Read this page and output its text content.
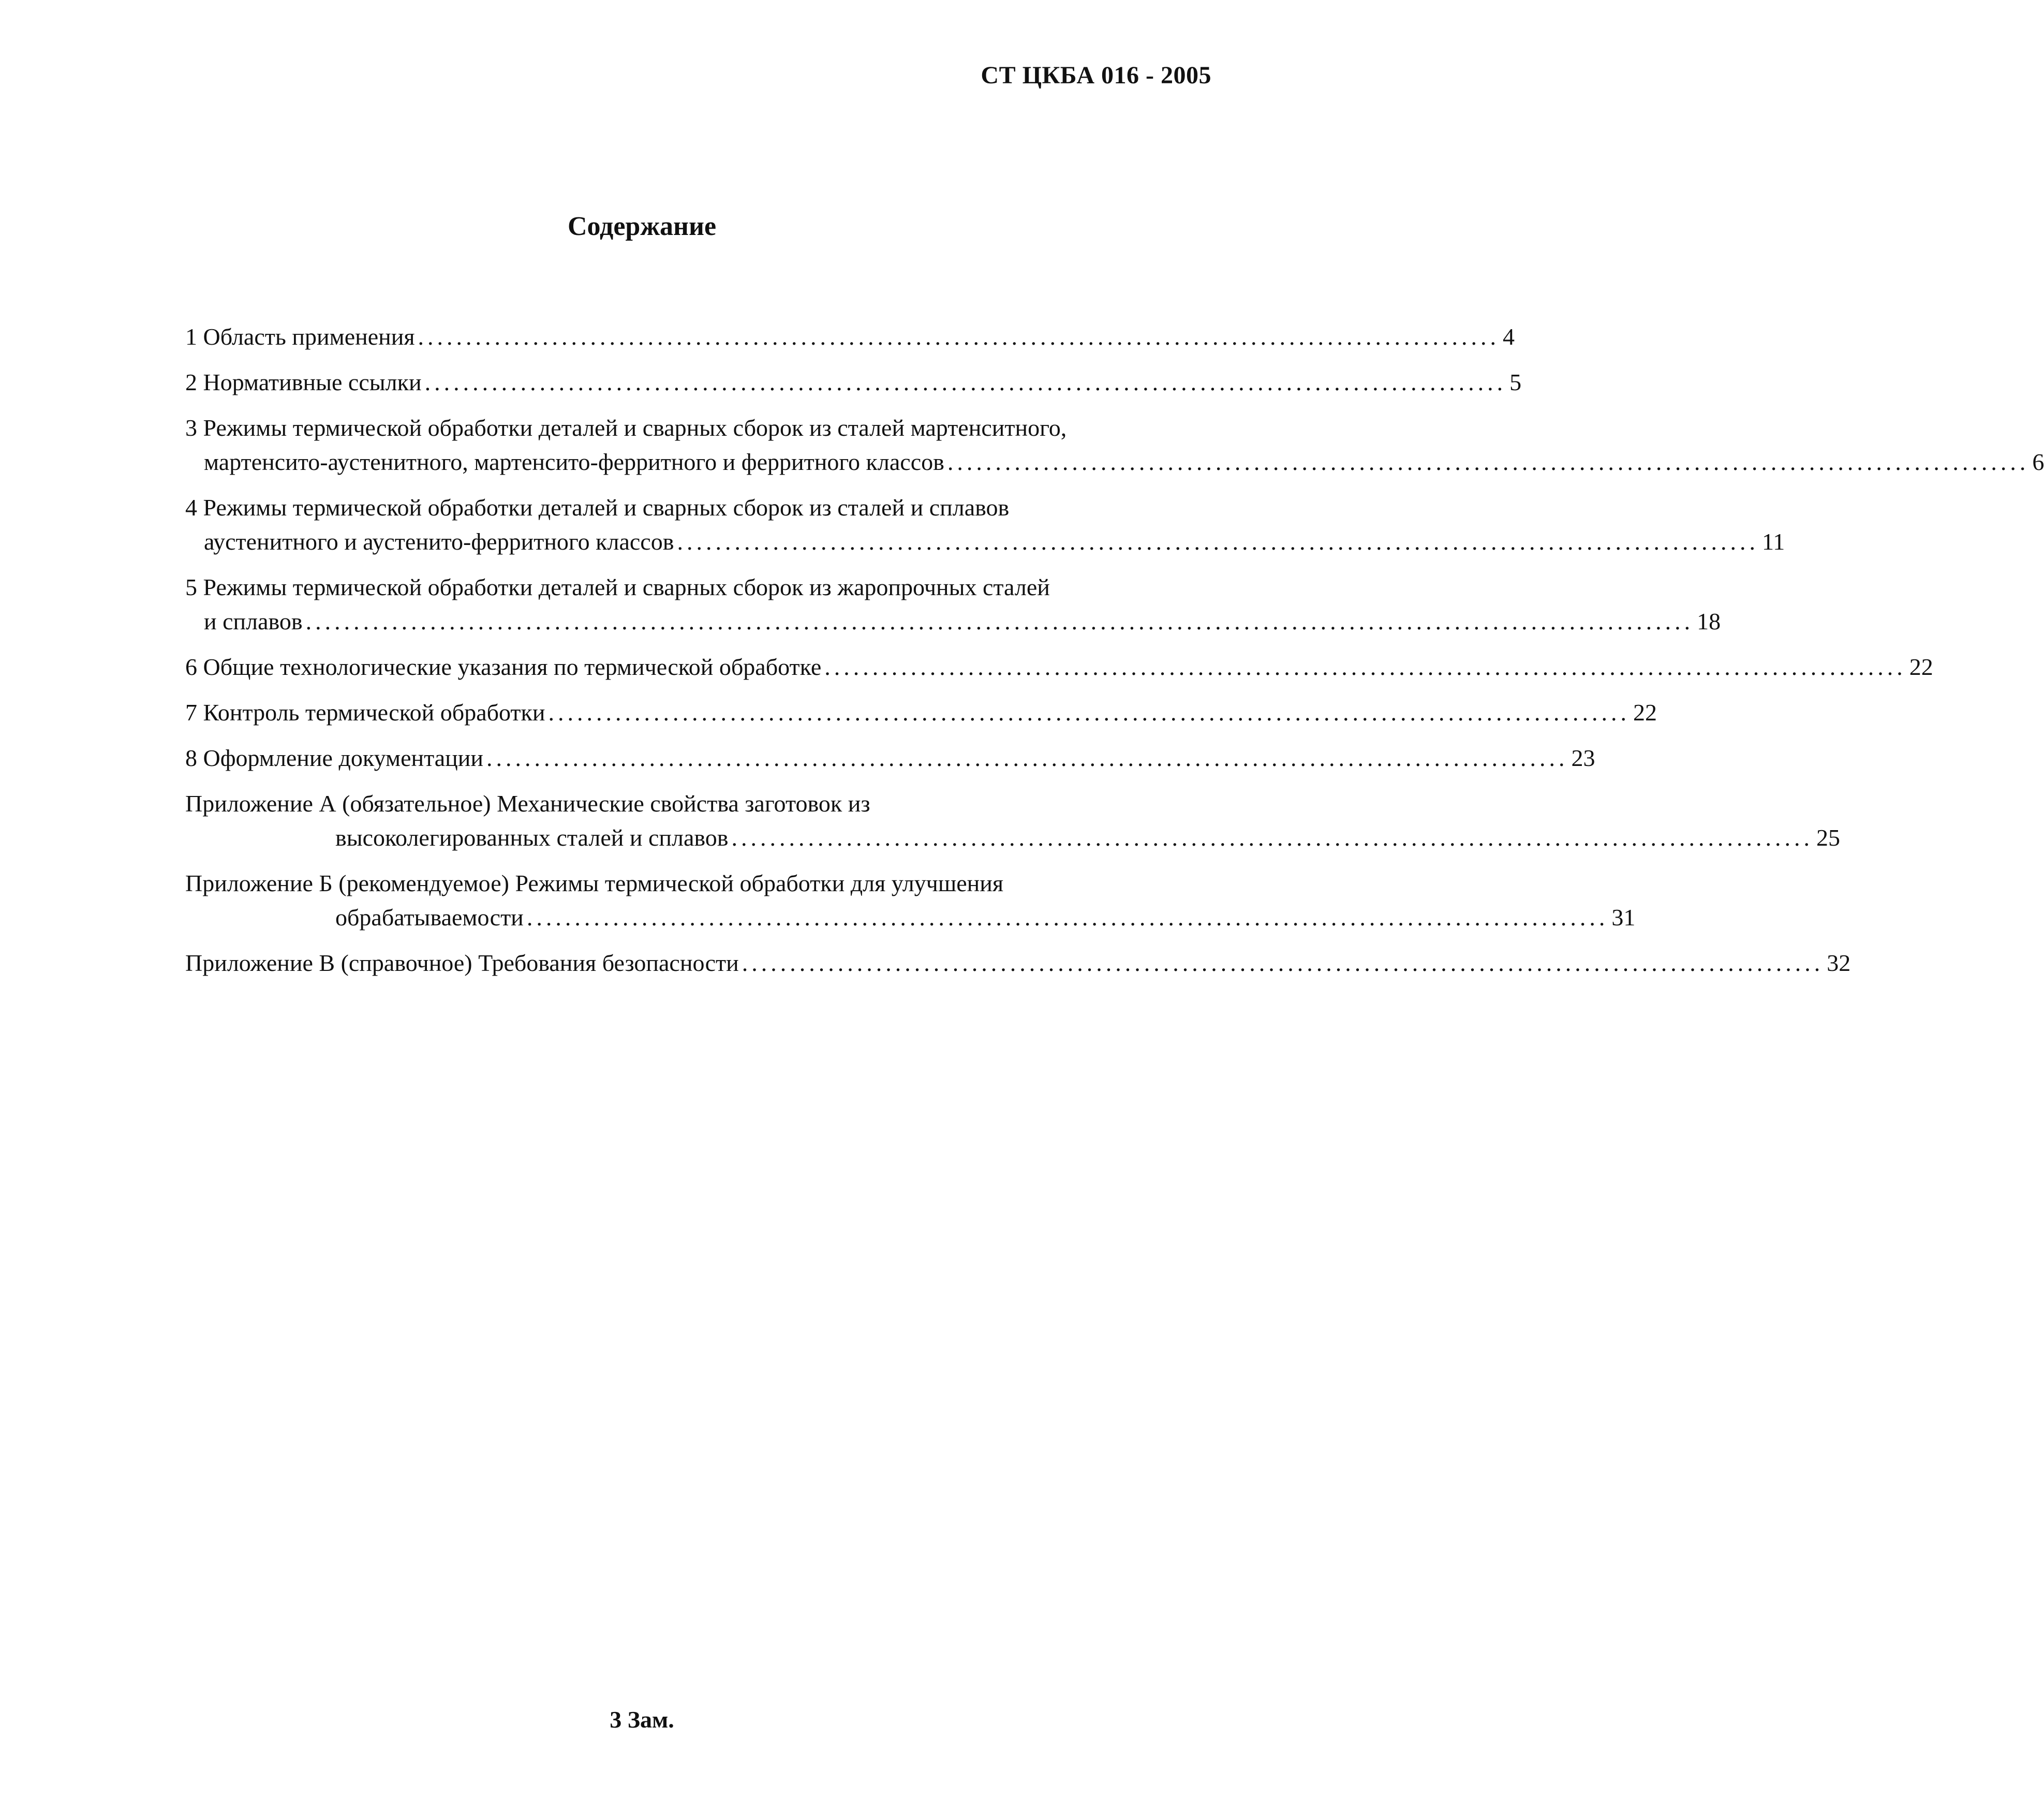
СТ ЦКБА 016 - 2005
Содержание
1 Область применения ................................................................................................................. 4
2 Нормативные ссылки ................................................................................................................. 5
3 Режимы термической обработки деталей и сварных сборок из сталей мартенситного,
мартенсито-аустенитного, мартенсито-ферритного и ферритного классов ................................................................................................................. 6
4 Режимы термической обработки деталей и сварных сборок из сталей и сплавов
аустенитного и аустенито-ферритного классов ................................................................................................................. 11
5 Режимы термической обработки деталей и сварных сборок из жаропрочных сталей
и сплавов ................................................................................................................................................. 18
6 Общие технологические указания по термической обработке ................................................................................................................. 22
7 Контроль термической обработки ................................................................................................................. 22
8 Оформление документации ................................................................................................................. 23
Приложение А (обязательное) Механические свойства заготовок из
высоколегированных сталей и сплавов ................................................................................................................. 25
Приложение Б (рекомендуемое) Режимы термической обработки для улучшения
обрабатываемости ................................................................................................................. 31
Приложение В (справочное) Требования безопасности ................................................................................................................. 32
3 Зам.
